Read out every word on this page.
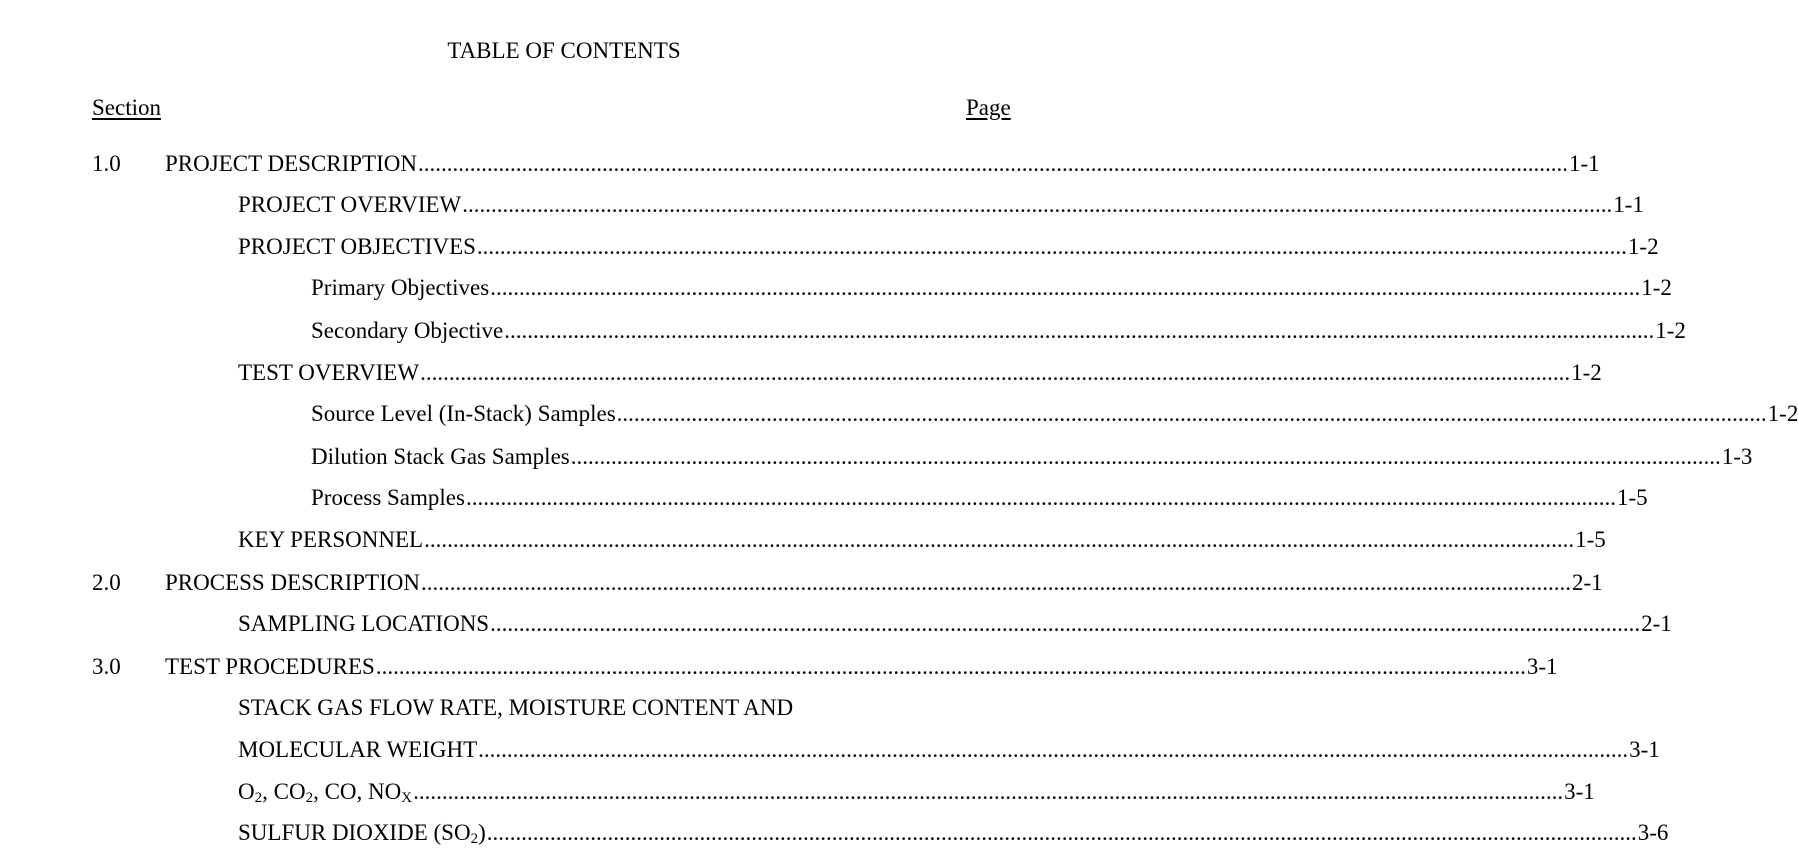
TABLE OF CONTENTS
Section	Page
1.0 PROJECT DESCRIPTION ........................................................................................................................................................................................................ 1-1
PROJECT OVERVIEW ........................................................................................................................................................................................................ 1-1
PROJECT OBJECTIVES ........................................................................................................................................................................................................ 1-2
Primary Objectives ........................................................................................................................................................................................................ 1-2
Secondary Objective ........................................................................................................................................................................................................ 1-2
TEST OVERVIEW ........................................................................................................................................................................................................ 1-2
Source Level (In-Stack) Samples ........................................................................................................................................................................................................ 1-2
Dilution Stack Gas Samples ........................................................................................................................................................................................................ 1-3
Process Samples ........................................................................................................................................................................................................ 1-5
KEY PERSONNEL ........................................................................................................................................................................................................ 1-5
2.0 PROCESS DESCRIPTION ........................................................................................................................................................................................................ 2-1
SAMPLING LOCATIONS ........................................................................................................................................................................................................ 2-1
3.0 TEST PROCEDURES ........................................................................................................................................................................................................ 3-1
STACK GAS FLOW RATE, MOISTURE CONTENT AND
MOLECULAR WEIGHT ........................................................................................................................................................................................................ 3-1
$O_2$, $CO_2$, CO, $NO_X$ ........................................................................................................................................................................................................ 3-1
SULFUR DIOXIDE $(SO_2)$ ........................................................................................................................................................................................................ 3-6
